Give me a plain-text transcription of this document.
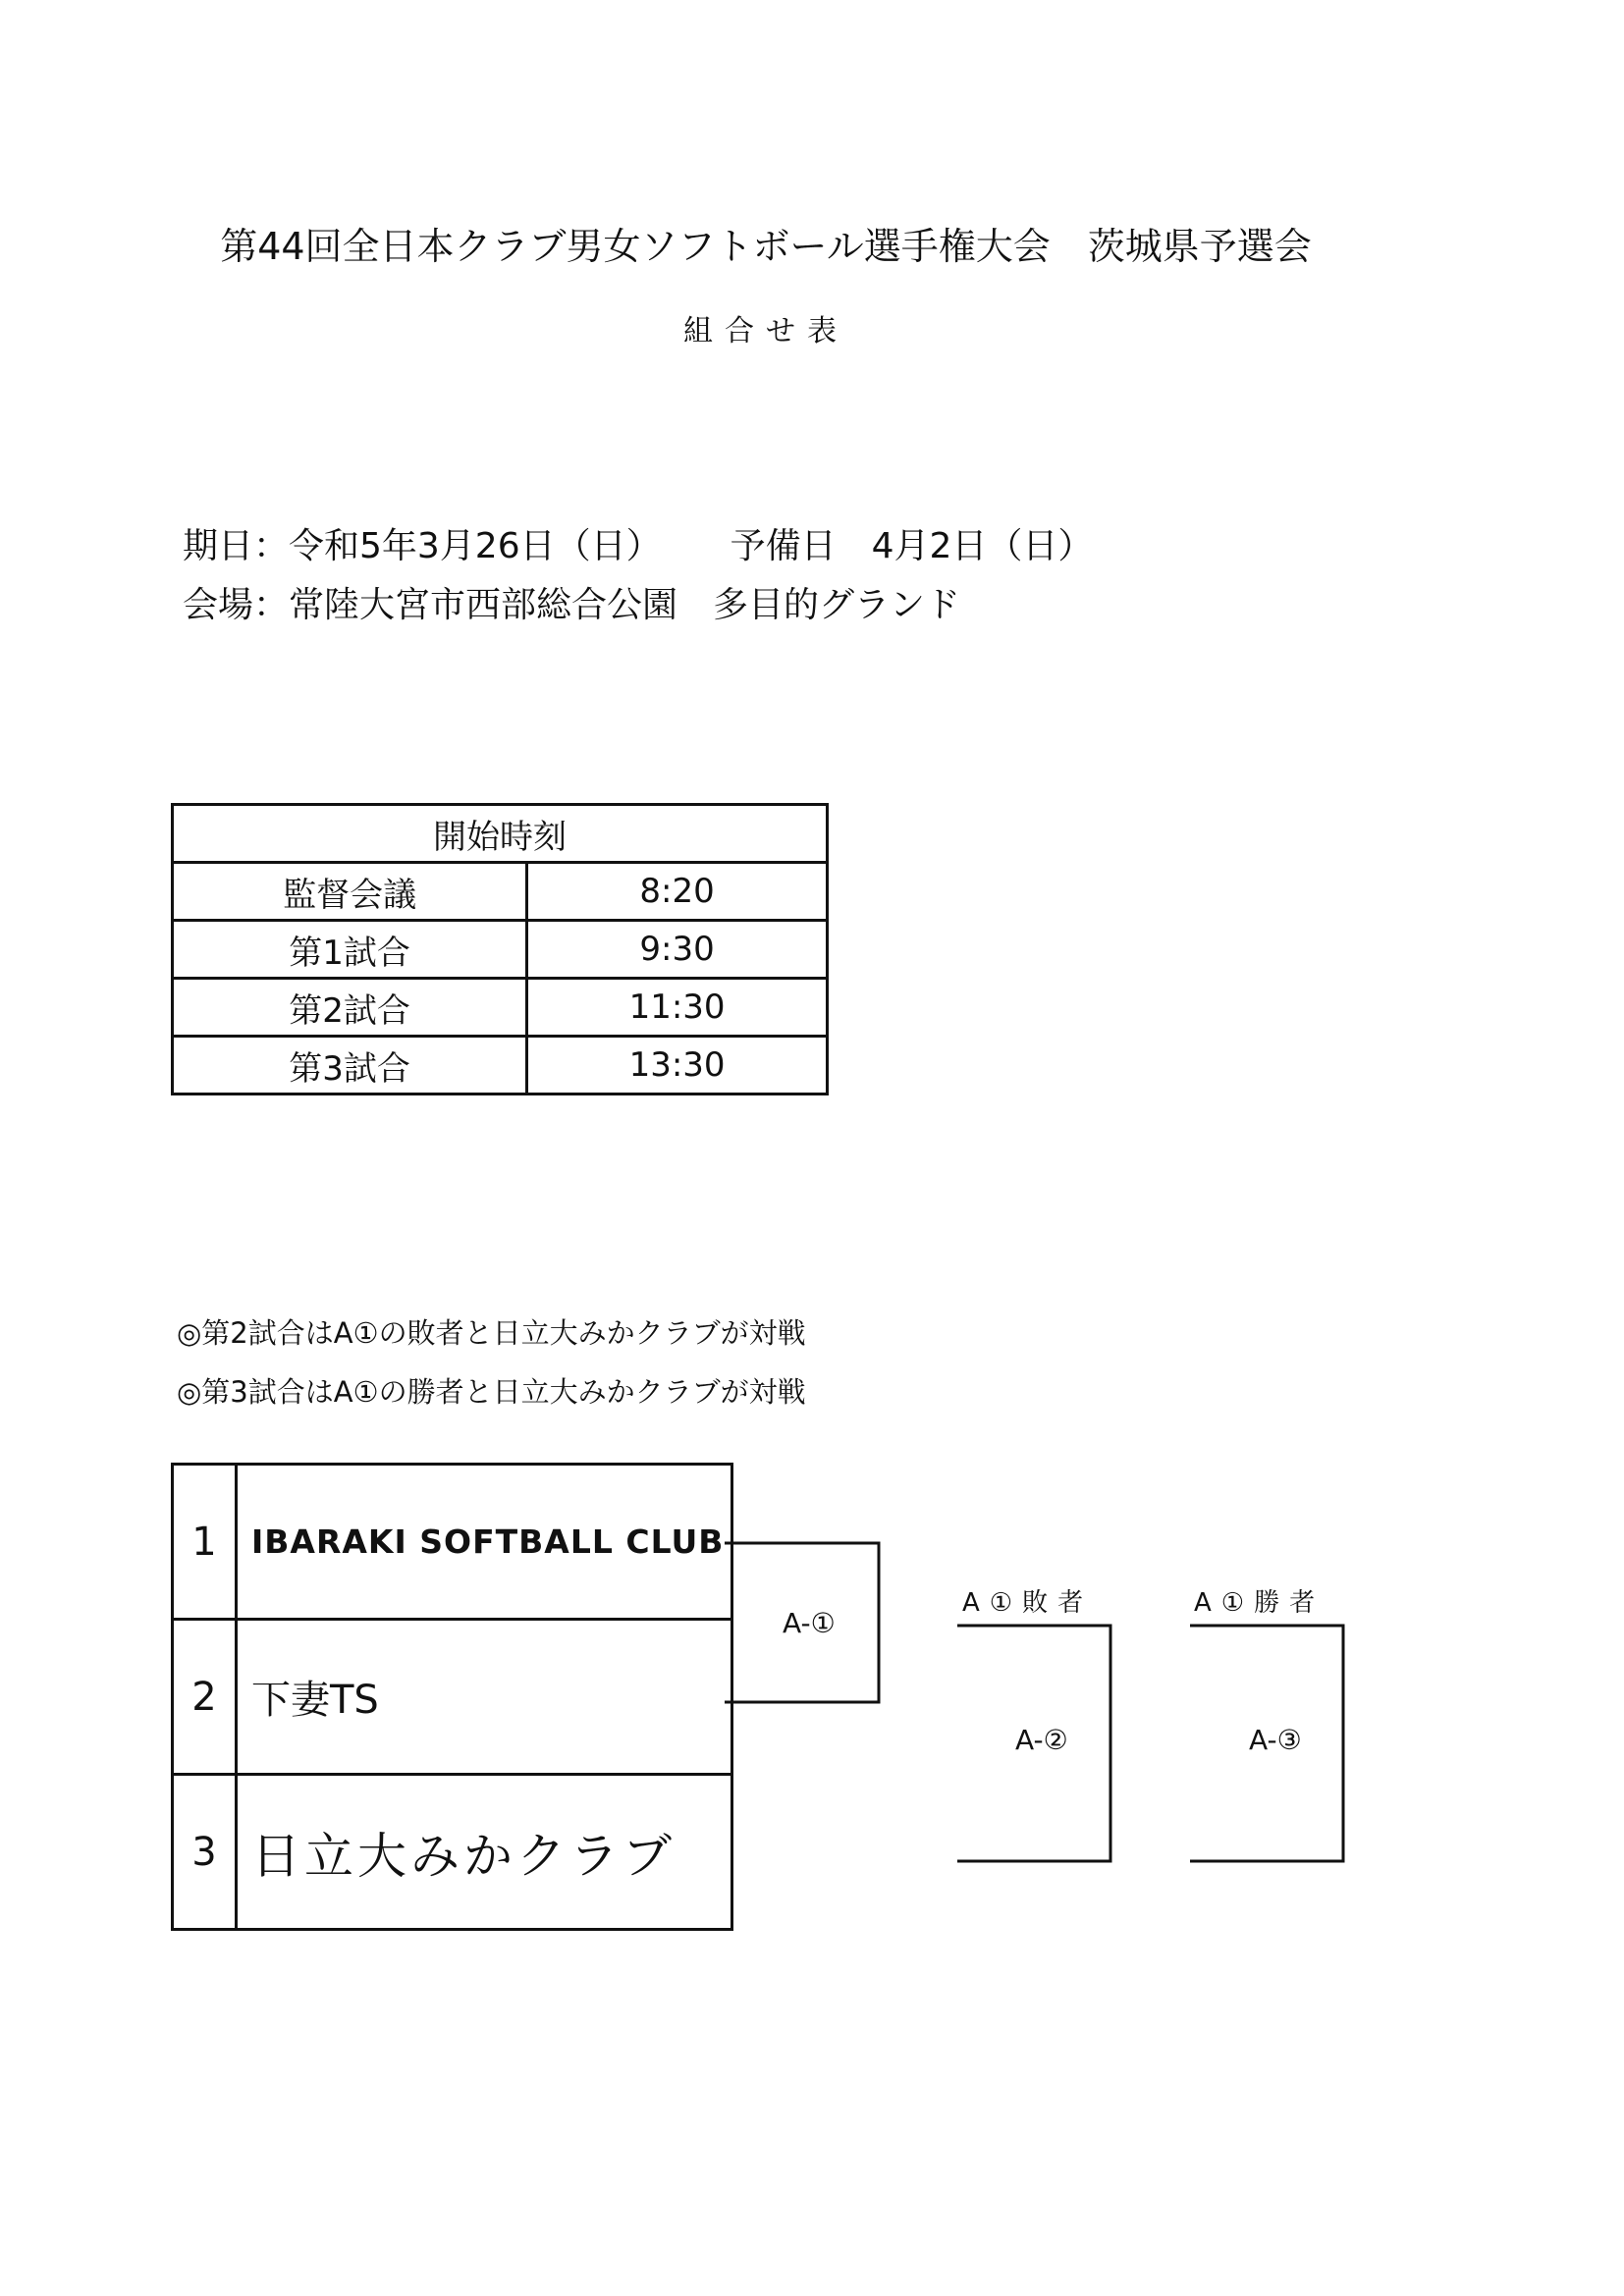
第44回全日本クラブ男女ソフトボール選手権大会　茨城県予選会
組合せ表
期日：令和5年3月26日（日） 予備日　4月2日（日）
会場：常陸大宮市西部総合公園　多目的グランド
開始時刻	
監督会議	8:20
第1試合	9:30
第2試合	11:30
第3試合	13:30
◎第2試合はA①の敗者と日立大みかクラブが対戦
◎第3試合はA①の勝者と日立大みかクラブが対戦
1	IBARAKI SOFTBALL CLUB
2	下妻TS
3	日立大みかクラブ
A-①
A-②	A-③
A①敗者	A①勝者
